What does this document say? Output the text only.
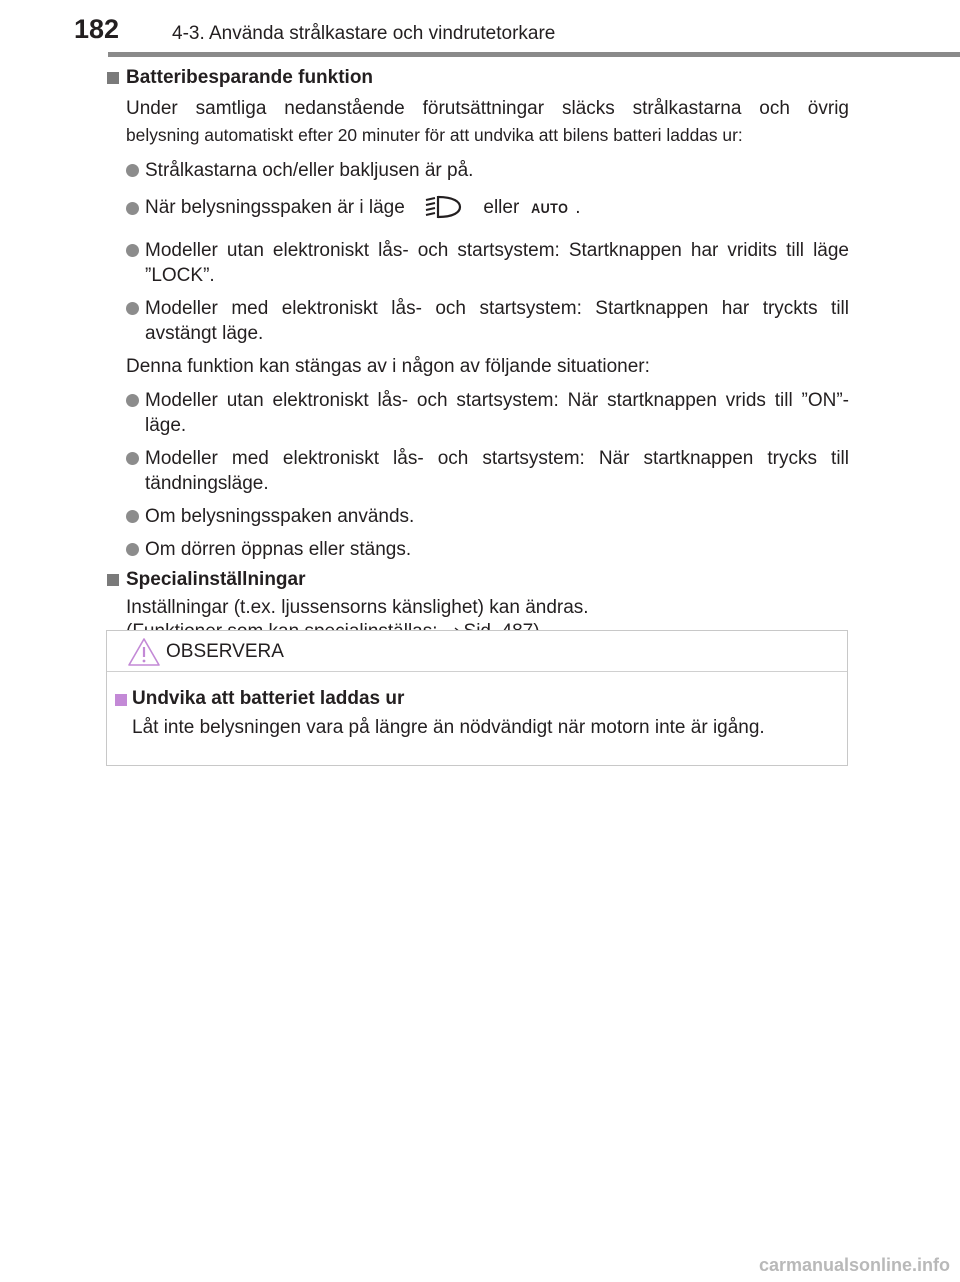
182	4-3. Använda strålkastare och vindrutetorkare
Batteribesparande funktion
Under samtliga nedanstående förutsättningar släcks strålkastarna och övrig
belysning automatiskt efter 20 minuter för att undvika att bilens batteri laddas ur:
Strålkastarna och/eller bakljusen är på.
När belysningsspaken är i läge	eller AUTO .
Modeller utan elektroniskt lås- och startsystem: Startknappen har vridits till läge ”LOCK”.
Modeller med elektroniskt lås- och startsystem: Startknappen har tryckts till avstängt läge.
Denna funktion kan stängas av i någon av följande situationer:
Modeller utan elektroniskt lås- och startsystem: När startknappen vrids till ”ON”-läge.
Modeller med elektroniskt lås- och startsystem: När startknappen trycks till tändningsläge.
Om belysningsspaken används.
Om dörren öppnas eller stängs.
Specialinställningar
Inställningar (t.ex. ljussensorns känslighet) kan ändras.
OBSERVERA
Undvika att batteriet laddas ur
Låt inte belysningen vara på längre än nödvändigt när motorn inte är igång.
carmanualsonline.info
